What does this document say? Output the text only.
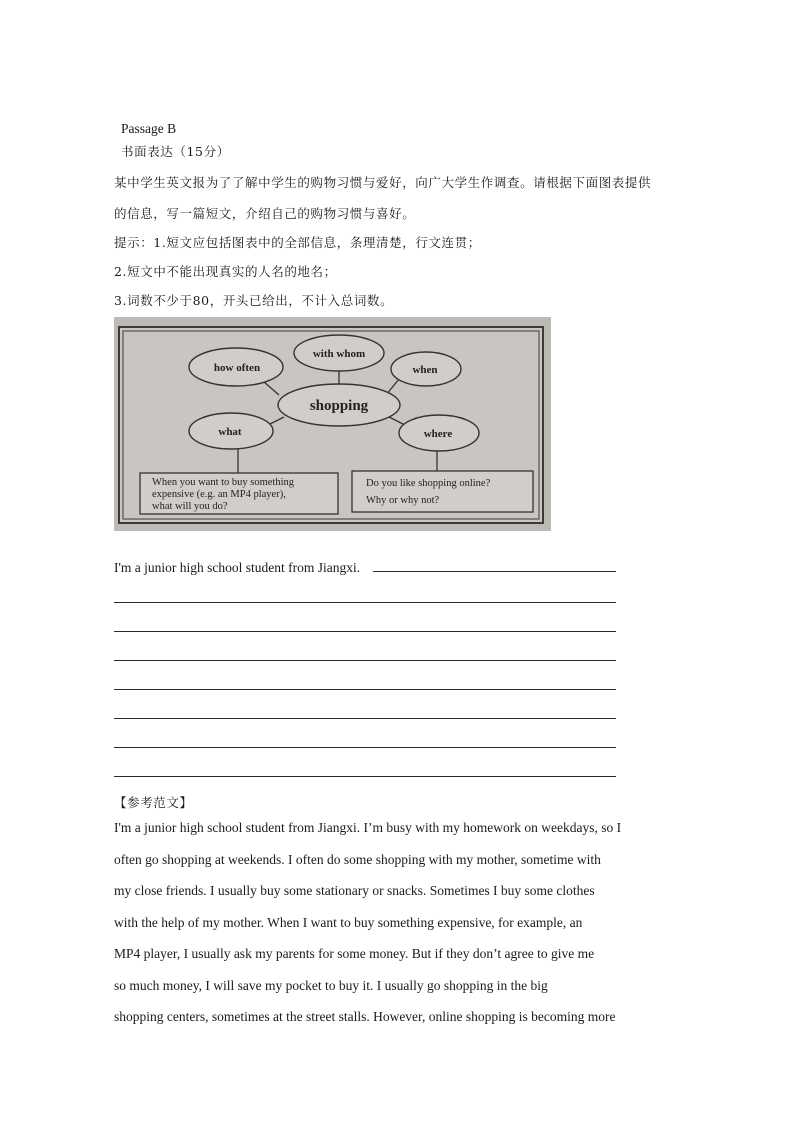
Passage B
书面表达（15分）
某中学生英文报为了了解中学生的购物习惯与爱好，向广大学生作调查。请根据下面图表提供
的信息，写一篇短文，介绍自己的购物习惯与喜好。
提示：1.短文应包括图表中的全部信息，条理清楚，行文连贯；
2.短文中不能出现真实的人名的地名；
3.词数不少于80，开头已给出，不计入总词数。
how often
with whom
when
shopping
what	where
When you want to buy something
expensive (e.g. an MP4 player),
what will you do?
Do you like shopping online?
Why or why not?
I'm a junior high school student from Jiangxi.
【参考范文】
I'm a junior high school student from Jiangxi. I’m busy with my homework on weekdays, so I
often go shopping at weekends. I often do some shopping with my mother, sometime with
my close friends. I usually buy some stationary or snacks. Sometimes I buy some clothes
with the help of my mother. When I want to buy something expensive, for example, an
MP4 player, I usually ask my parents for some money. But if they don’t agree to give me
so much money, I will save my pocket to buy it. I usually go shopping in the big
shopping centers, sometimes at the street stalls. However, online shopping is becoming more
